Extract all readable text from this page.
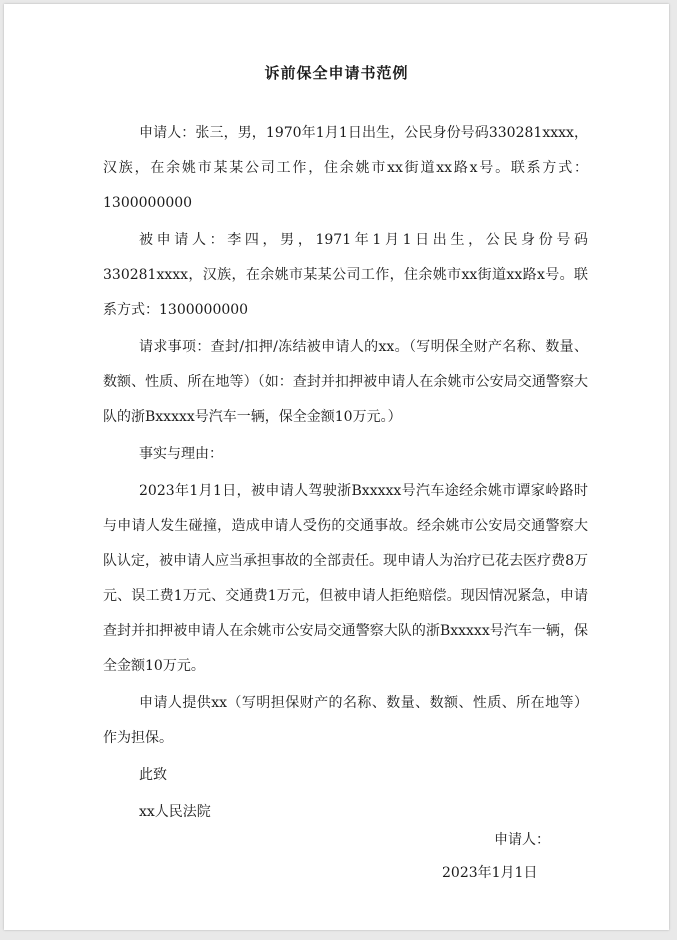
诉前保全申请书范例

申请人：张三，男，1970年1月1日出生，公民身份号码330281xxxx，汉族，在余姚市某某公司工作，住余姚市xx街道xx路x号。联系方式：1300000000

被申请人：李四，男，1971年1月1日出生，公民身份号码330281xxxx，汉族，在余姚市某某公司工作，住余姚市xx街道xx路x号。联系方式：1300000000

请求事项：查封/扣押/冻结被申请人的xx。（写明保全财产名称、数量、数额、性质、所在地等）（如：查封并扣押被申请人在余姚市公安局交通警察大队的浙Bxxxxx号汽车一辆，保全金额10万元。）

事实与理由：

2023年1月1日，被申请人驾驶浙Bxxxxx号汽车途经余姚市谭家岭路时与申请人发生碰撞，造成申请人受伤的交通事故。经余姚市公安局交通警察大队认定，被申请人应当承担事故的全部责任。现申请人为治疗已花去医疗费8万元、误工费1万元、交通费1万元，但被申请人拒绝赔偿。现因情况紧急，申请查封并扣押被申请人在余姚市公安局交通警察大队的浙Bxxxxx号汽车一辆，保全金额10万元。

申请人提供xx（写明担保财产的名称、数量、数额、性质、所在地等）作为担保。

此致

xx人民法院

申请人：
2023年1月1日
